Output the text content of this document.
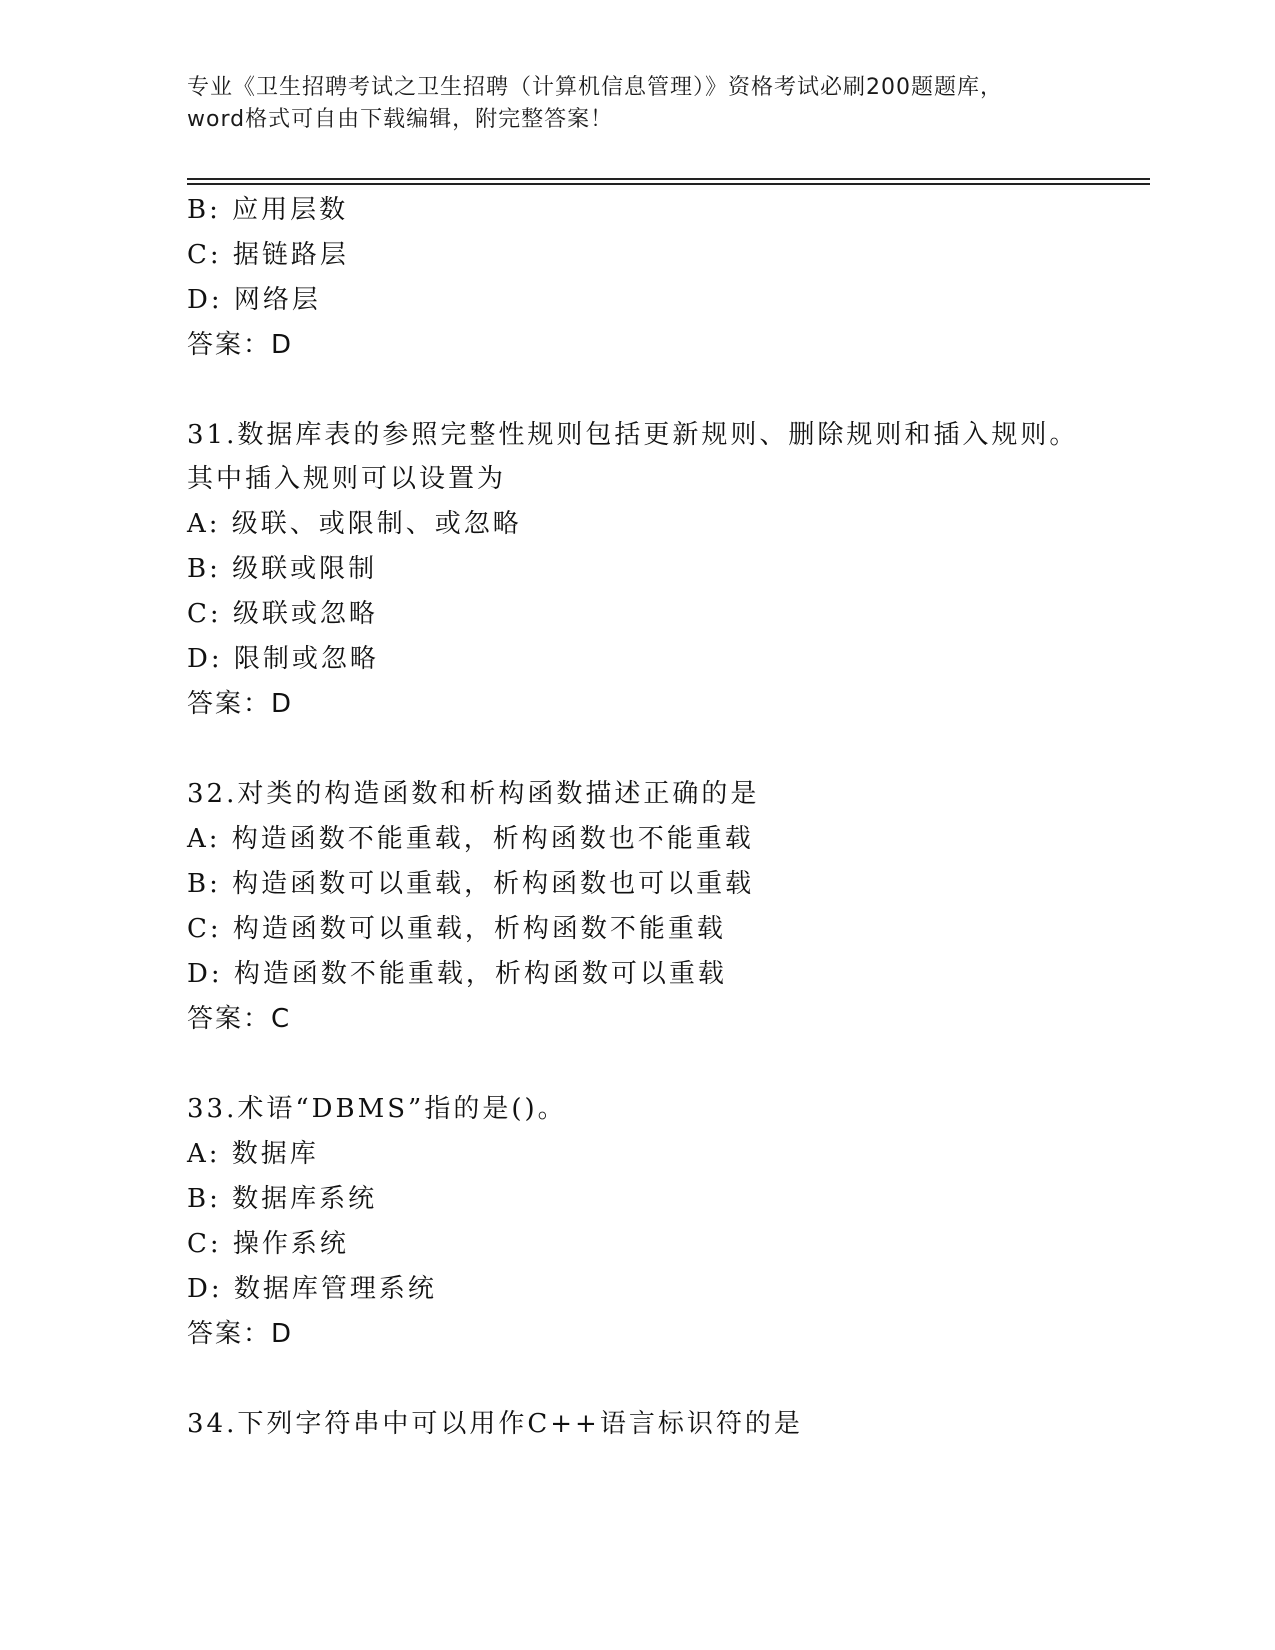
专业《卫生招聘考试之卫生招聘（计算机信息管理）》资格考试必刷200题题库，
word格式可自由下载编辑，附完整答案！
B: 应用层数
C: 据链路层
D: 网络层
答案：D
31.数据库表的参照完整性规则包括更新规则、删除规则和插入规则。
其中插入规则可以设置为
A: 级联、或限制、或忽略
B: 级联或限制
C: 级联或忽略
D: 限制或忽略
答案：D
32.对类的构造函数和析构函数描述正确的是
A: 构造函数不能重载，析构函数也不能重载
B: 构造函数可以重载，析构函数也可以重载
C: 构造函数可以重载，析构函数不能重载
D: 构造函数不能重载，析构函数可以重载
答案：C
33.术语“DBMS”指的是()。
A: 数据库
B: 数据库系统
C: 操作系统
D: 数据库管理系统
答案：D
34.下列字符串中可以用作C++语言标识符的是
